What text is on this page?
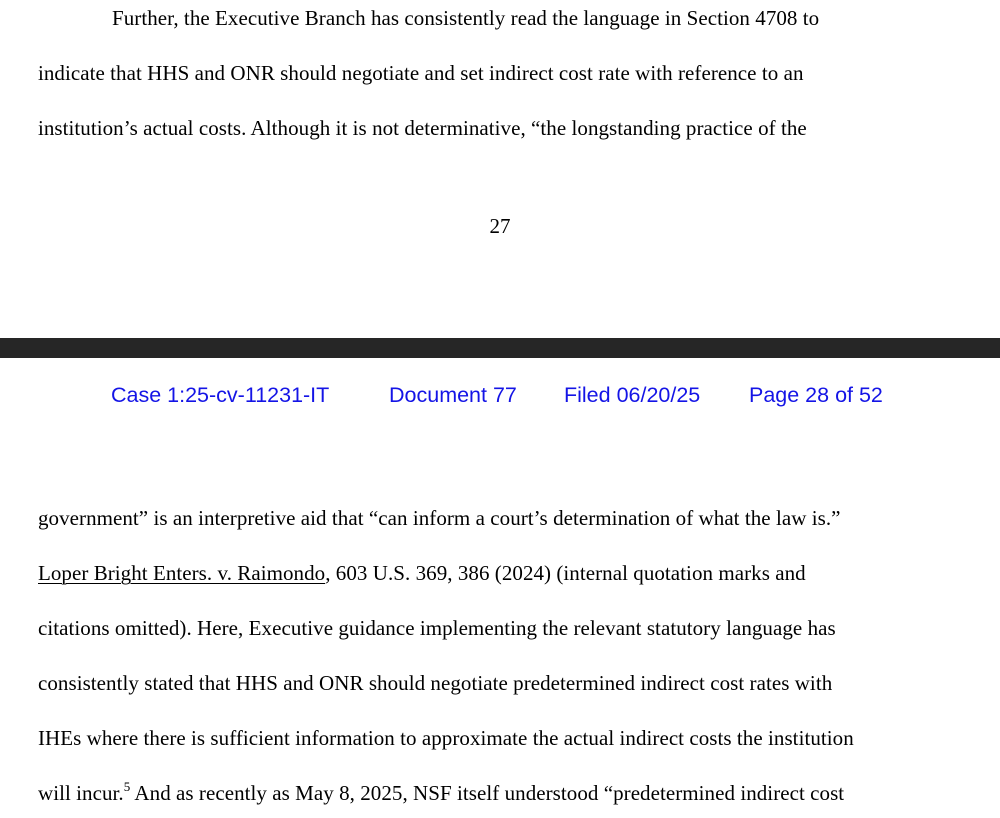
Further, the Executive Branch has consistently read the language in Section 4708 to
indicate that HHS and ONR should negotiate and set indirect cost rate with reference to an
institution’s actual costs. Although it is not determinative, “the longstanding practice of the
27
Case 1:25-cv-11231-IT	Document 77 Filed 06/20/25 Page 28 of 52
government” is an interpretive aid that “can inform a court’s determination of what the law is.”
Loper Bright Enters. v. Raimondo, 603 U.S. 369, 386 (2024) (internal quotation marks and
citations omitted). Here, Executive guidance implementing the relevant statutory language has
consistently stated that HHS and ONR should negotiate predetermined indirect cost rates with
IHEs where there is sufficient information to approximate the actual indirect costs the institution
will incur.$^5$ And as recently as May 8, 2025, NSF itself understood “predetermined indirect cost
